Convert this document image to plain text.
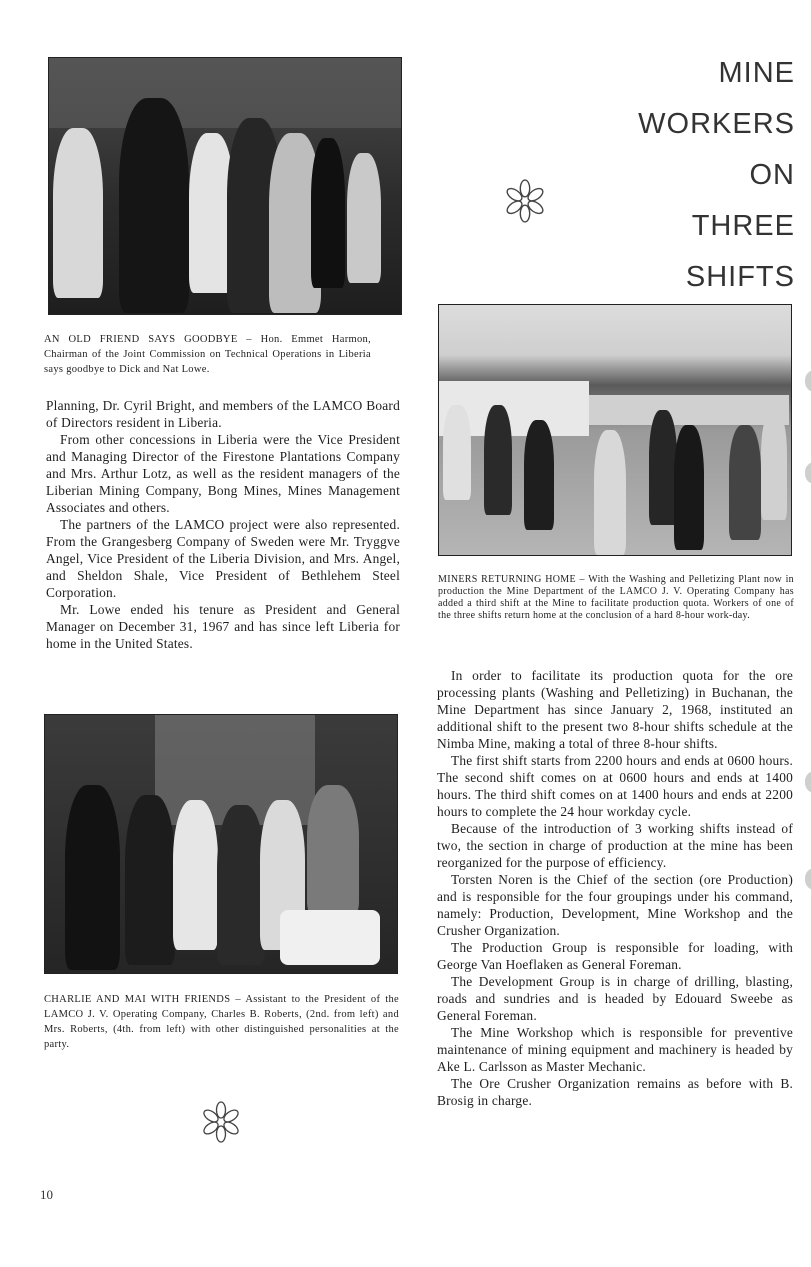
AN OLD FRIEND SAYS GOODBYE – Hon. Emmet Harmon, Chairman of the Joint Commission on Technical Operations in Liberia says goodbye to Dick and Nat Lowe.

Planning, Dr. Cyril Bright, and members of the LAMCO Board of Directors resident in Liberia.

From other concessions in Liberia were the Vice President and Managing Director of the Firestone Plantations Company and Mrs. Arthur Lotz, as well as the resident managers of the Liberian Mining Company, Bong Mines, Mines Management Associates and others.

The partners of the LAMCO project were also represented. From the Grangesberg Company of Sweden were Mr. Tryggve Angel, Vice President of the Liberia Division, and Mrs. Angel, and Sheldon Shale, Vice President of Bethlehem Steel Corporation.

Mr. Lowe ended his tenure as President and General Manager on December 31, 1967 and has since left Liberia for home in the United States.

CHARLIE AND MAI WITH FRIENDS – Assistant to the President of the LAMCO J. V. Operating Company, Charles B. Roberts, (2nd. from left) and Mrs. Roberts, (4th. from left) with other distinguished personalities at the party.
10
MINE
WORKERS
ON
THREE
SHIFTS
MINERS RETURNING HOME – With the Washing and Pelletizing Plant now in production the Mine Department of the LAMCO J. V. Operating Company has added a third shift at the Mine to facilitate production quota. Workers of one of the three shifts return home at the conclusion of a hard 8-hour work-day.

In order to facilitate its production quota for the ore processing plants (Washing and Pelletizing) in Buchanan, the Mine Department has since January 2, 1968, instituted an additional shift to the present two 8-hour shifts schedule at the Nimba Mine, making a total of three 8-hour shifts.

The first shift starts from 2200 hours and ends at 0600 hours. The second shift comes on at 0600 hours and ends at 1400 hours. The third shift comes on at 1400 hours and ends at 2200 hours to complete the 24 hour workday cycle.

Because of the introduction of 3 working shifts instead of two, the section in charge of production at the mine has been reorganized for the purpose of efficiency.

Torsten Noren is the Chief of the section (ore Production) and is responsible for the four groupings under his command, namely: Production, Development, Mine Workshop and the Crusher Organization.

The Production Group is responsible for loading, with George Van Hoeflaken as General Foreman.

The Development Group is in charge of drilling, blasting, roads and sundries and is headed by Edouard Sweebe as General Foreman.

The Mine Workshop which is responsible for preventive maintenance of mining equipment and machinery is headed by Ake L. Carlsson as Master Mechanic.

The Ore Crusher Organization remains as before with B. Brosig in charge.
